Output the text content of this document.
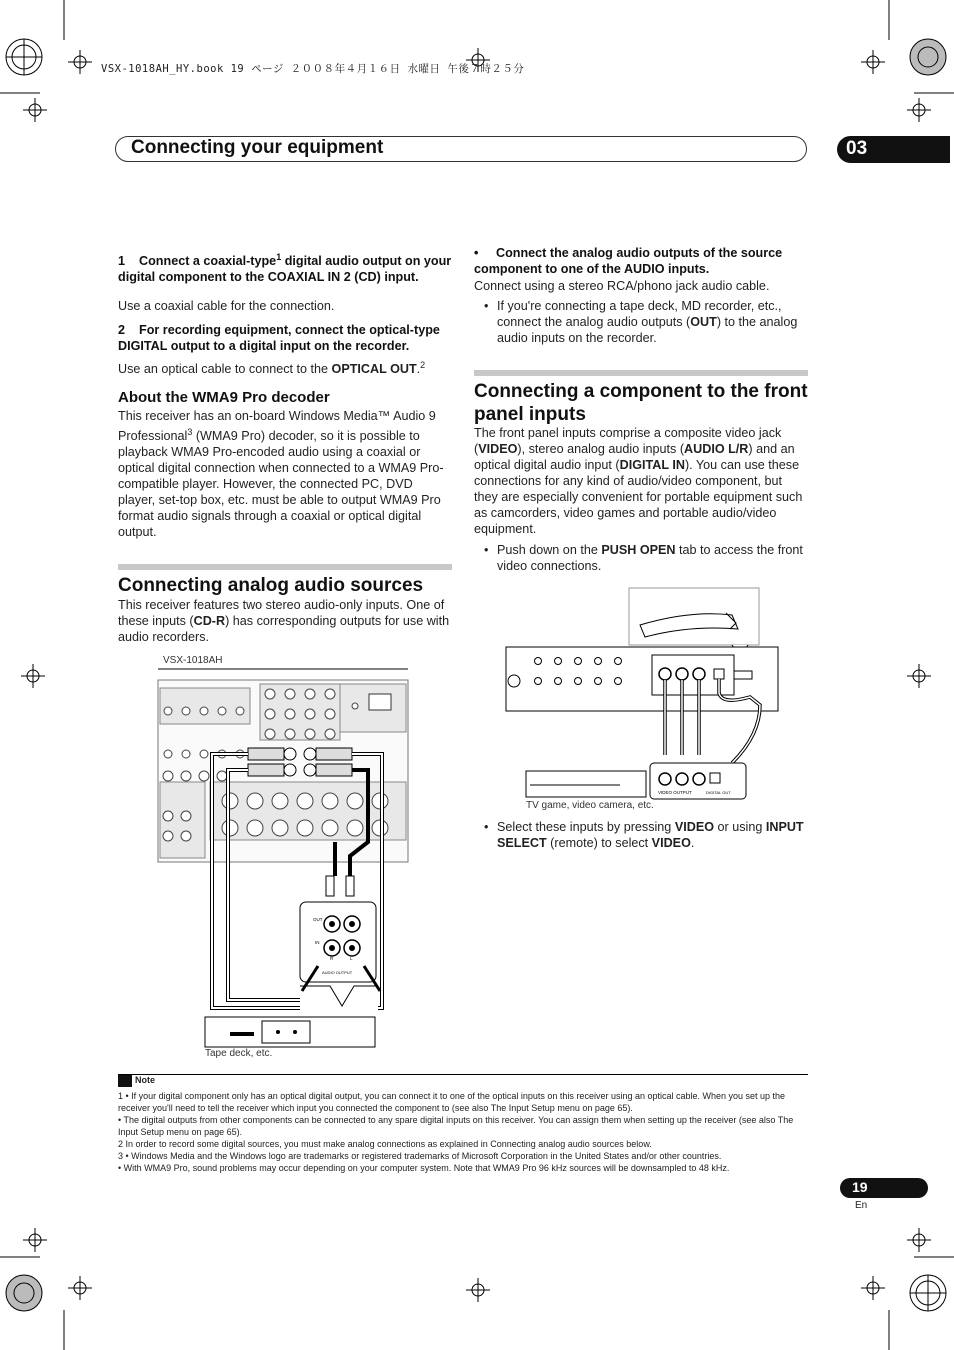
VSX-1018AH_HY.book 19 ページ ２００８年４月１６日 水曜日 午後７時２５分
Connecting your equipment	03
1 Connect a coaxial-type$^1$ digital audio output on your digital component to the COAXIAL IN 2 (CD) input.
Use a coaxial cable for the connection.
2 For recording equipment, connect the optical-type DIGITAL output to a digital input on the recorder.
Use an optical cable to connect to the OPTICAL OUT.$^2$
About the WMA9 Pro decoder
This receiver has an on-board Windows Media™ Audio 9 Professional$^3$ (WMA9 Pro) decoder, so it is possible to playback WMA9 Pro-encoded audio using a coaxial or optical digital connection when connected to a WMA9 Pro-compatible player. However, the connected PC, DVD player, set-top box, etc. must be able to output WMA9 Pro format audio signals through a coaxial or optical digital output.
Connecting analog audio sources
This receiver features two stereo audio-only inputs. One of these inputs (CD-R) has corresponding outputs for use with audio recorders.
VSX-1018AH
OUT
IN
R	L
AUDIO OUTPUT
Tape deck, etc.
• Connect the analog audio outputs of the source component to one of the AUDIO inputs.
Connect using a stereo RCA/phono jack audio cable.
• If you're connecting a tape deck, MD recorder, etc., connect the analog audio outputs (OUT) to the analog audio inputs on the recorder.
Connecting a component to the front panel inputs
The front panel inputs comprise a composite video jack (VIDEO), stereo analog audio inputs (AUDIO L/R) and an optical digital audio input (DIGITAL IN). You can use these connections for any kind of audio/video component, but they are especially convenient for portable equipment such as camcorders, video games and portable audio/video equipment.
• Push down on the PUSH OPEN tab to access the front video connections.
VIDEO OUTPUT	DIGITAL OUT
TV game, video camera, etc.
• Select these inputs by pressing VIDEO or using INPUT SELECT (remote) to select VIDEO.
Note
1 • If your digital component only has an optical digital output, you can connect it to one of the optical inputs on this receiver using an optical cable. When you set up the receiver you'll need to tell the receiver which input you connected the component to (see also The Input Setup menu on page 65).
• The digital outputs from other components can be connected to any spare digital inputs on this receiver. You can assign them when setting up the receiver (see also The Input Setup menu on page 65).
2 In order to record some digital sources, you must make analog connections as explained in Connecting analog audio sources below.
3 • Windows Media and the Windows logo are trademarks or registered trademarks of Microsoft Corporation in the United States and/or other countries.
• With WMA9 Pro, sound problems may occur depending on your computer system. Note that WMA9 Pro 96 kHz sources will be downsampled to 48 kHz.
19
En
